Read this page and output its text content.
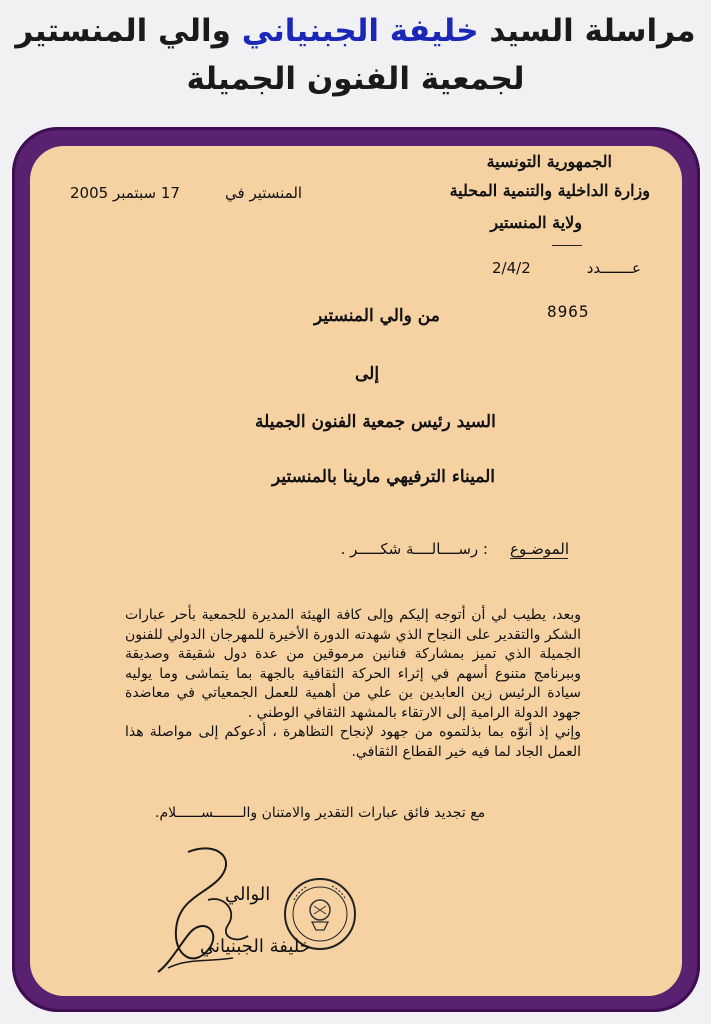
مراسلة السيد خليفة الجبنياني والي المنستير
لجمعية الفنون الجميلة
الجمهورية التونسية
وزارة الداخلية والتنمية المحلية
ولاية المنستير
عـــــــدد
2/4/2
المنستير في
17 سبتمبر 2005
8965
من والي المنستير
إلى
السيد رئيس جمعية الفنون الجميلة
الميناء الترفيهي مارينا بالمنستير
الموضـوع
: رســــالــــة شكـــــر .

وبعد، يطيب لي أن أتوجه إليكم وإلى كافة الهيئة المديرة للجمعية بأحر عبارات الشكر والتقدير على النجاح الذي شهدته الدورة الأخيرة للمهرجان الدولي للفنون الجميلة الذي تميز بمشاركة فنانين مرموقين من عدة دول شقيقة وصديقة وببرنامج متنوع أسهم في إثراء الحركة الثقافية بالجهة بما يتماشى وما يوليه سيادة الرئيس زين العابدين بن علي من أهمية للعمل الجمعياتي في معاضدة جهود الدولة الرامية إلى الارتقاء بالمشهد الثقافي الوطني .

وإني إذ أنوّه بما بذلتموه من جهود لإنجاح التظاهرة ، أدعوكم إلى مواصلة هذا العمل الجاد لما فيه خير القطاع الثقافي.

مع تجديد فائق عبارات التقدير والامتنان والـــــــســــــلام.
الوالي
خليفة الجبنياني
